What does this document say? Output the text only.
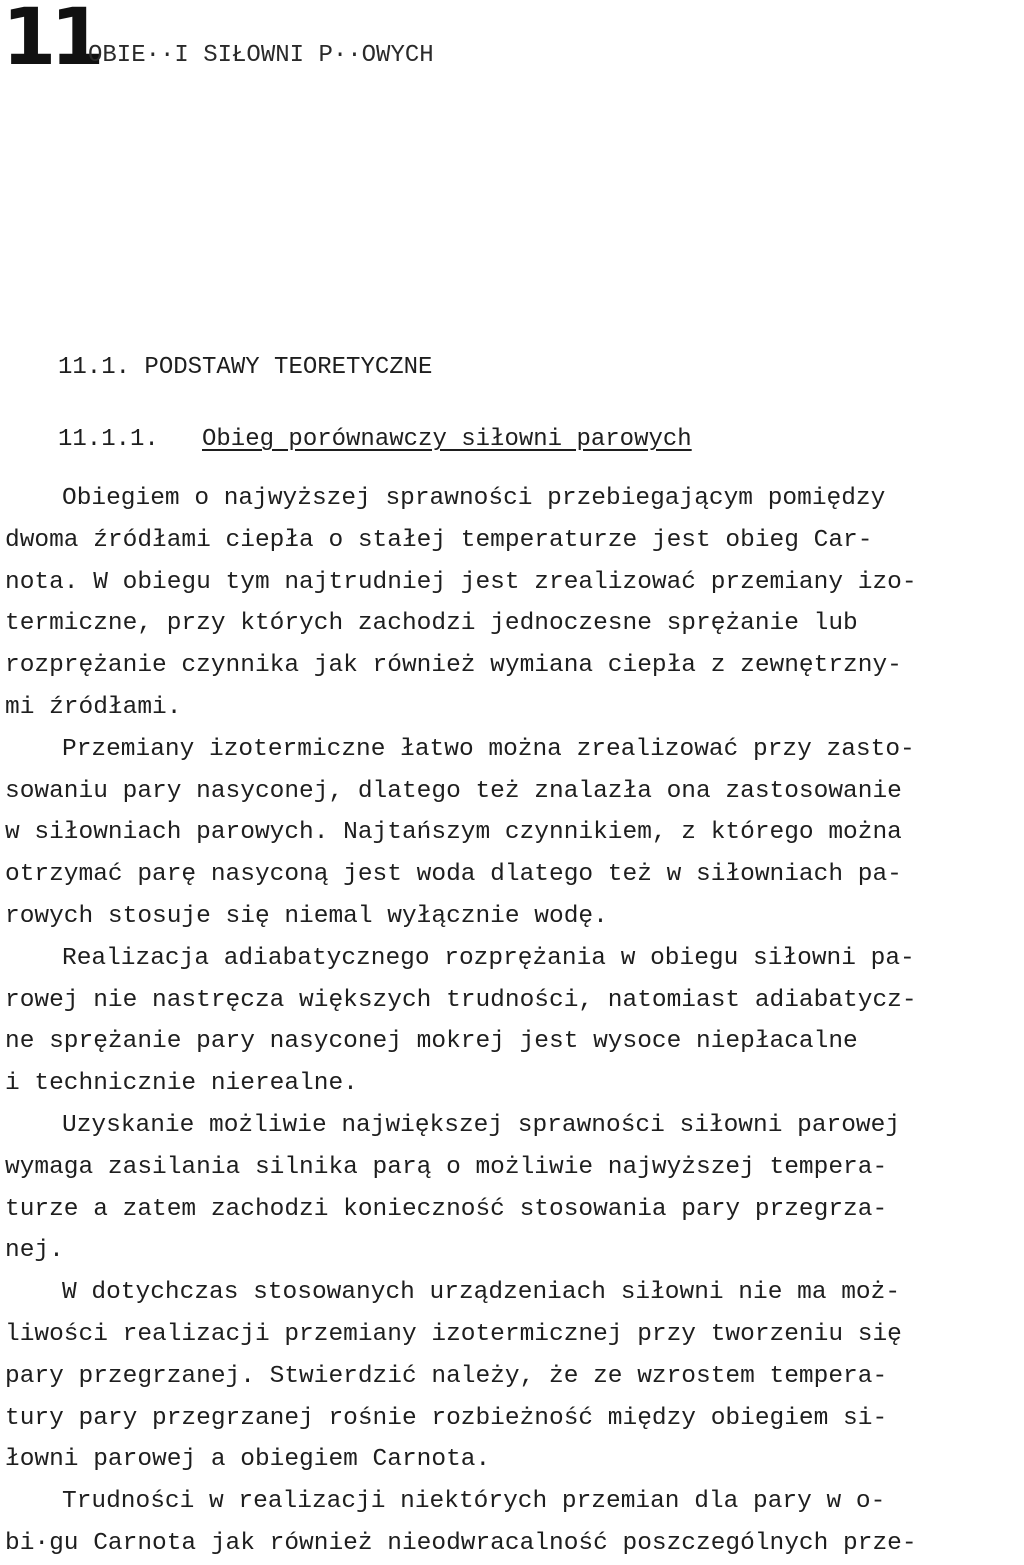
11
OBIE··I SIŁOWNI P··OWYCH
11.1. PODSTAWY TEORETYCZNE
11.1.1. Obieg porównawczy siłowni parowych
Obiegiem o najwyższej sprawności przebiegającym pomiędzy
dwoma źródłami ciepła o stałej temperaturze jest obieg Car-
nota. W obiegu tym najtrudniej jest zrealizować przemiany izo-
termiczne, przy których zachodzi jednoczesne sprężanie lub
rozprężanie czynnika jak również wymiana ciepła z zewnętrzny-
mi źródłami.
Przemiany izotermiczne łatwo można zrealizować przy zasto-
sowaniu pary nasyconej, dlatego też znalazła ona zastosowanie
w siłowniach parowych. Najtańszym czynnikiem, z którego można
otrzymać parę nasyconą jest woda dlatego też w siłowniach pa-
rowych stosuje się niemal wyłącznie wodę.
Realizacja adiabatycznego rozprężania w obiegu siłowni pa-
rowej nie nastręcza większych trudności, natomiast adiabatycz-
ne sprężanie pary nasyconej mokrej jest wysoce niepłacalne
i technicznie nierealne.
Uzyskanie możliwie największej sprawności siłowni parowej
wymaga zasilania silnika parą o możliwie najwyższej tempera-
turze a zatem zachodzi konieczność stosowania pary przegrza-
nej.
W dotychczas stosowanych urządzeniach siłowni nie ma moż-
liwości realizacji przemiany izotermicznej przy tworzeniu się
pary przegrzanej. Stwierdzić należy, że ze wzrostem tempera-
tury pary przegrzanej rośnie rozbieżność między obiegiem si-
łowni parowej a obiegiem Carnota.
Trudności w realizacji niektórych przemian dla pary w o-
bi·gu Carnota jak również nieodwracalność poszczególnych prze-
